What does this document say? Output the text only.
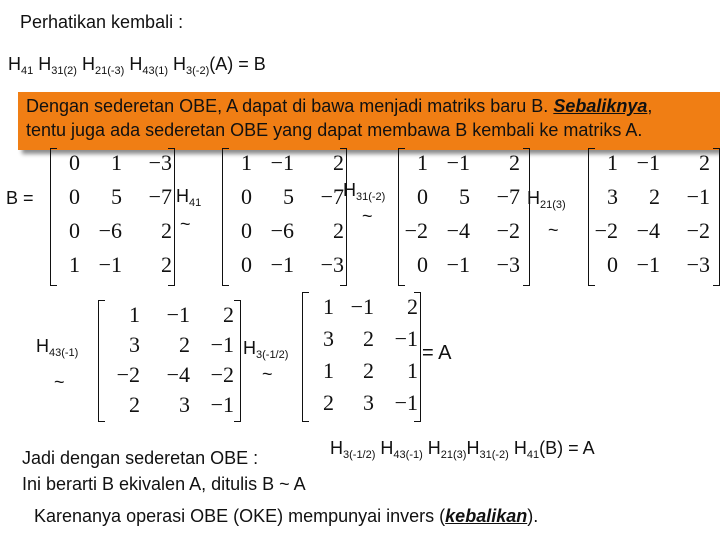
Perhatikan kembali :
$H_{41}$ $H_{31(2)}$ $H_{21(-3)}$ $H_{43(1)}$ $H_{3(-2)}(A) = B$
Dengan sederetan OBE, A dapat di bawa menjadi matriks baru B. Sebaliknya,
tentu juga ada sederetan OBE yang dapat membawa B kembali ke matriks A.
B =	$H_{41}$
~
$H_{31(-2)}$
~
$H_{21(3)}$
~
$H_{43(-1)}$
~
$H_{3(-1/2)}$
~
= A
0	1	−3
0	5	−7
0 −6	2
1 −1	2
1 −1	2
0	5	−7
0 −6	2
0 −1	−3
1 −1	2
0	5	−7
−2 −4	−2
0 −1	−3
1 −1	2
3	2	−1
−2 −4	−2
0 −1	−3
1	−1	2
3	2 −1
−2	−4 −2
2	3 −1
1 −1	2
3	2 −1
1	2	1
2	3 −1
Jadi dengan sederetan OBE :	$H_{3(-1/2)}$ $H_{43(-1)}$ $H_{21(3)}H_{31(-2)}$ $H_{41}(B) = A$
Ini berarti B ekivalen A, ditulis B ~ A
Karenanya operasi OBE (OKE) mempunyai invers (kebalikan).
